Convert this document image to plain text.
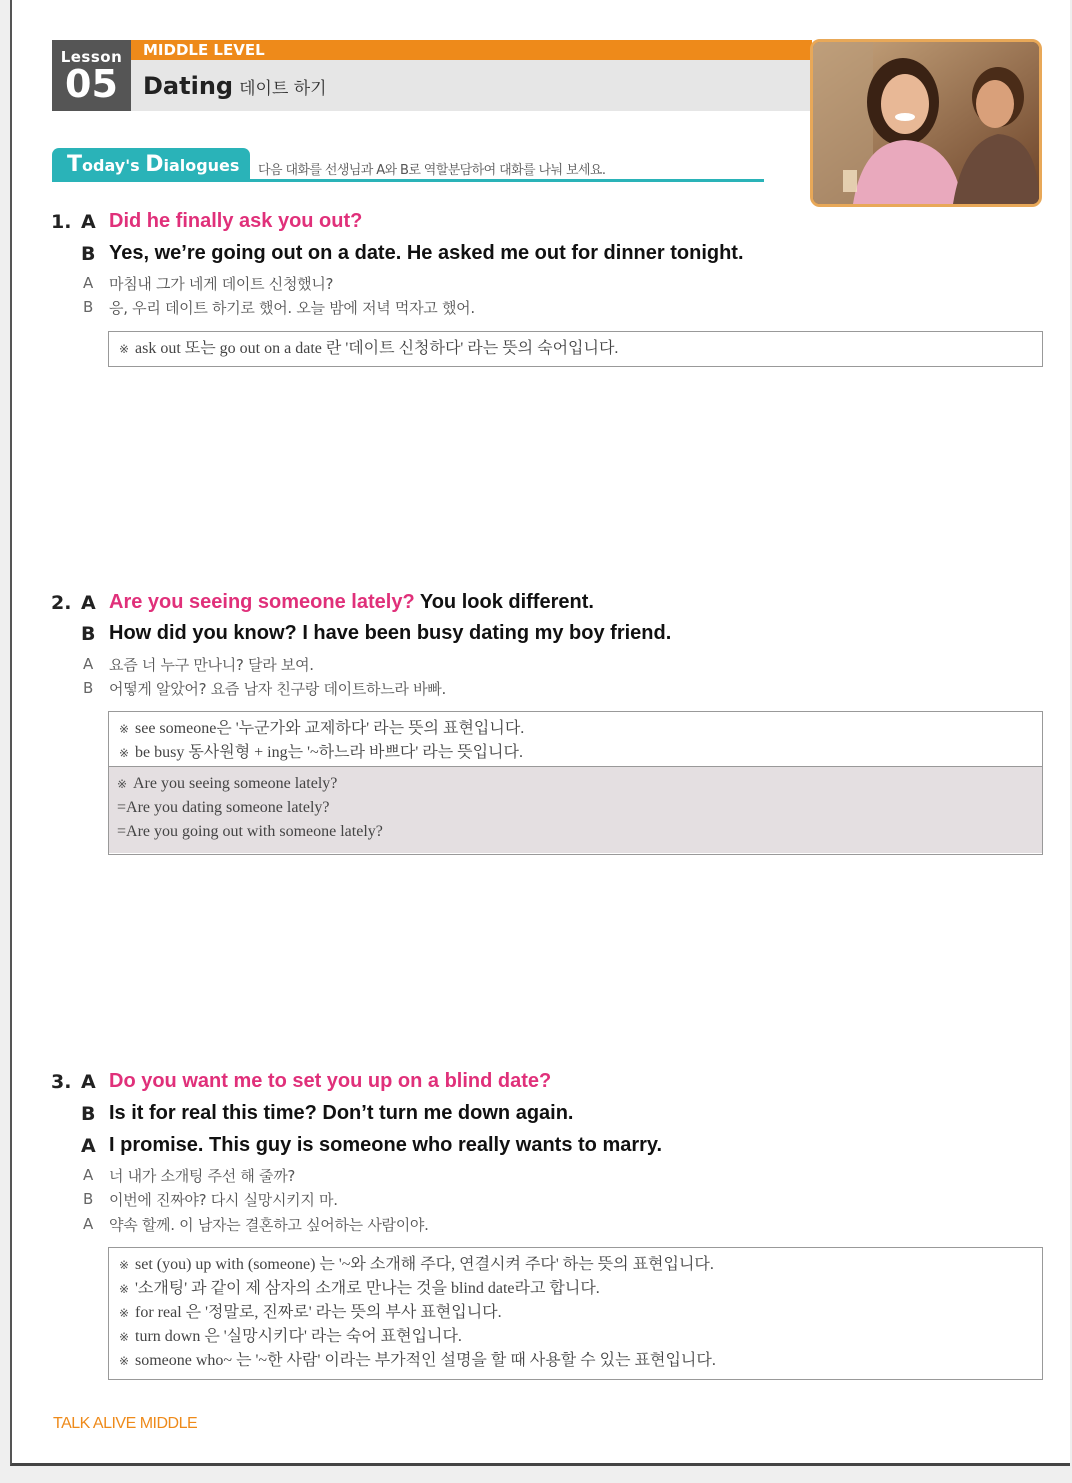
Lesson
05
MIDDLE LEVEL
Dating 데이트 하기
Today's Dialogues	다음 대화를 선생님과 A와 B로 역할분담하여 대화를 나눠 보세요.
1. A Did he finally ask you out?
B Yes, we’re going out on a date. He asked me out for dinner tonight.
A 마침내 그가 네게 데이트 신청했니?
B 응, 우리 데이트 하기로 했어. 오늘 밤에 저녁 먹자고 했어.
※ ask out 또는 go out on a date 란 '데이트 신청하다' 라는 뜻의 숙어입니다.
2. A Are you seeing someone lately? You look different.
B How did you know? I have been busy dating my boy friend.
A 요즘 너 누구 만나니? 달라 보여.
B 어떻게 알았어? 요즘 남자 친구랑 데이트하느라 바빠.
※ see someone은 '누군가와 교제하다' 라는 뜻의 표현입니다.
※ be busy 동사원형 + ing는 '~하느라 바쁘다' 라는 뜻입니다.
※ Are you seeing someone lately?
=Are you dating someone lately?
=Are you going out with someone lately?
3. A Do you want me to set you up on a blind date?
B Is it for real this time? Don’t turn me down again.
A I promise. This guy is someone who really wants to marry.
A 너 내가 소개팅 주선 해 줄까?
B 이번에 진짜야? 다시 실망시키지 마.
A 약속 할께. 이 남자는 결혼하고 싶어하는 사람이야.
※ set (you) up with (someone) 는 '~와 소개해 주다, 연결시켜 주다' 하는 뜻의 표현입니다.
※ '소개팅' 과 같이 제 삼자의 소개로 만나는 것을 blind date라고 합니다.
※ for real 은 '정말로, 진짜로' 라는 뜻의 부사 표현입니다.
※ turn down 은 '실망시키다' 라는 숙어 표현입니다.
※ someone who~ 는 '~한 사람' 이라는 부가적인 설명을 할 때 사용할 수 있는 표현입니다.
TALK ALIVE MIDDLE
